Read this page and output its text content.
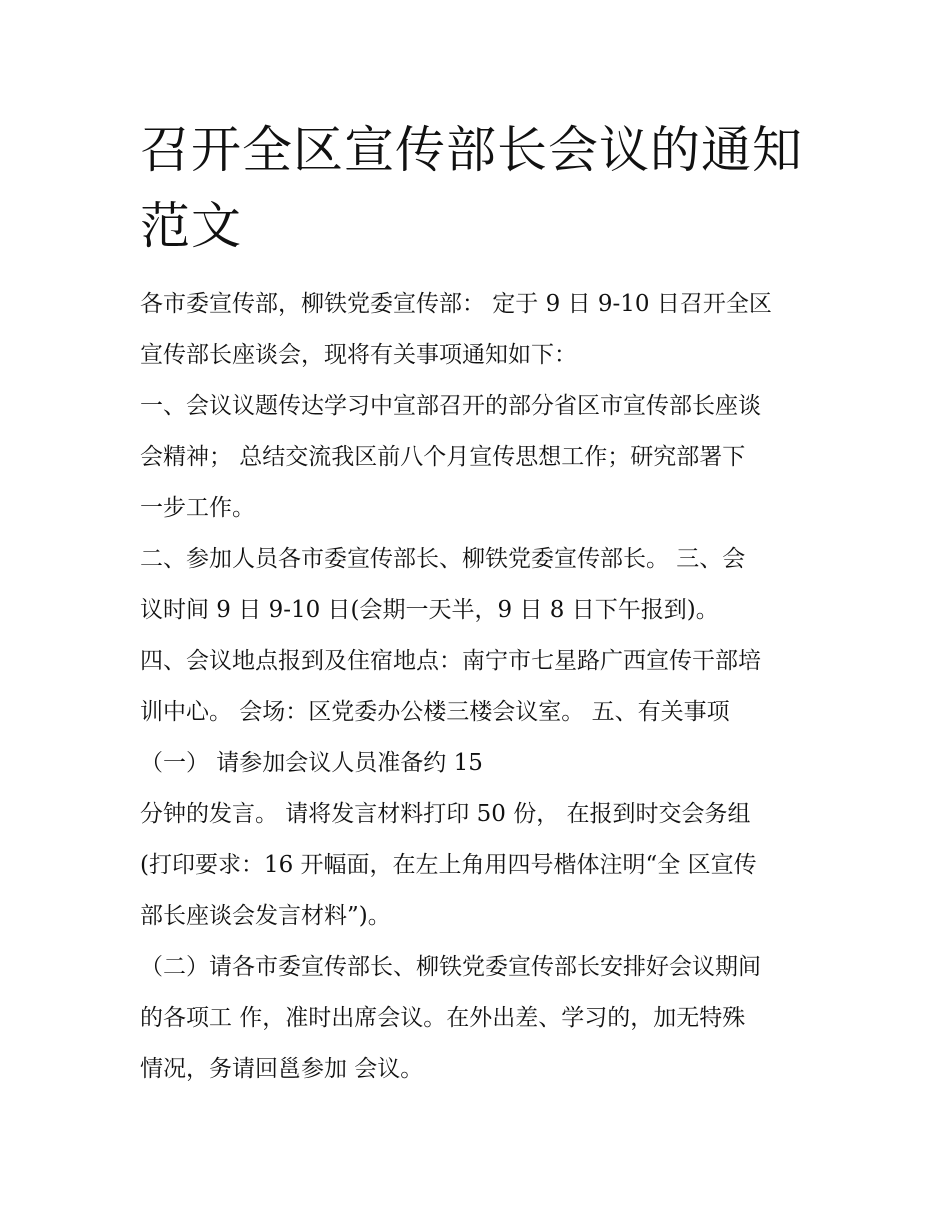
召开全区宣传部长会议的通知
范文
各市委宣传部，柳铁党委宣传部： 定于 9 日 9-10 日召开全区
宣传部长座谈会，现将有关事项通知如下：
一、会议议题传达学习中宣部召开的部分省区市宣传部长座谈
会精神； 总结交流我区前八个月宣传思想工作；研究部署下
一步工作。
二、参加人员各市委宣传部长、柳铁党委宣传部长。 三、会
议时间 9 日 9-10 日(会期一天半，9 日 8 日下午报到)。
四、会议地点报到及住宿地点：南宁市七星路广西宣传干部培
训中心。 会场：区党委办公楼三楼会议室。 五、有关事项
（一） 请参加会议人员准备约 15
分钟的发言。 请将发言材料打印 50 份， 在报到时交会务组
(打印要求：16 开幅面，在左上角用四号楷体注明“全 区宣传
部长座谈会发言材料”)。
（二）请各市委宣传部长、柳铁党委宣传部长安排好会议期间
的各项工 作，准时出席会议。在外出差、学习的，加无特殊
情况，务请回邕参加 会议。
